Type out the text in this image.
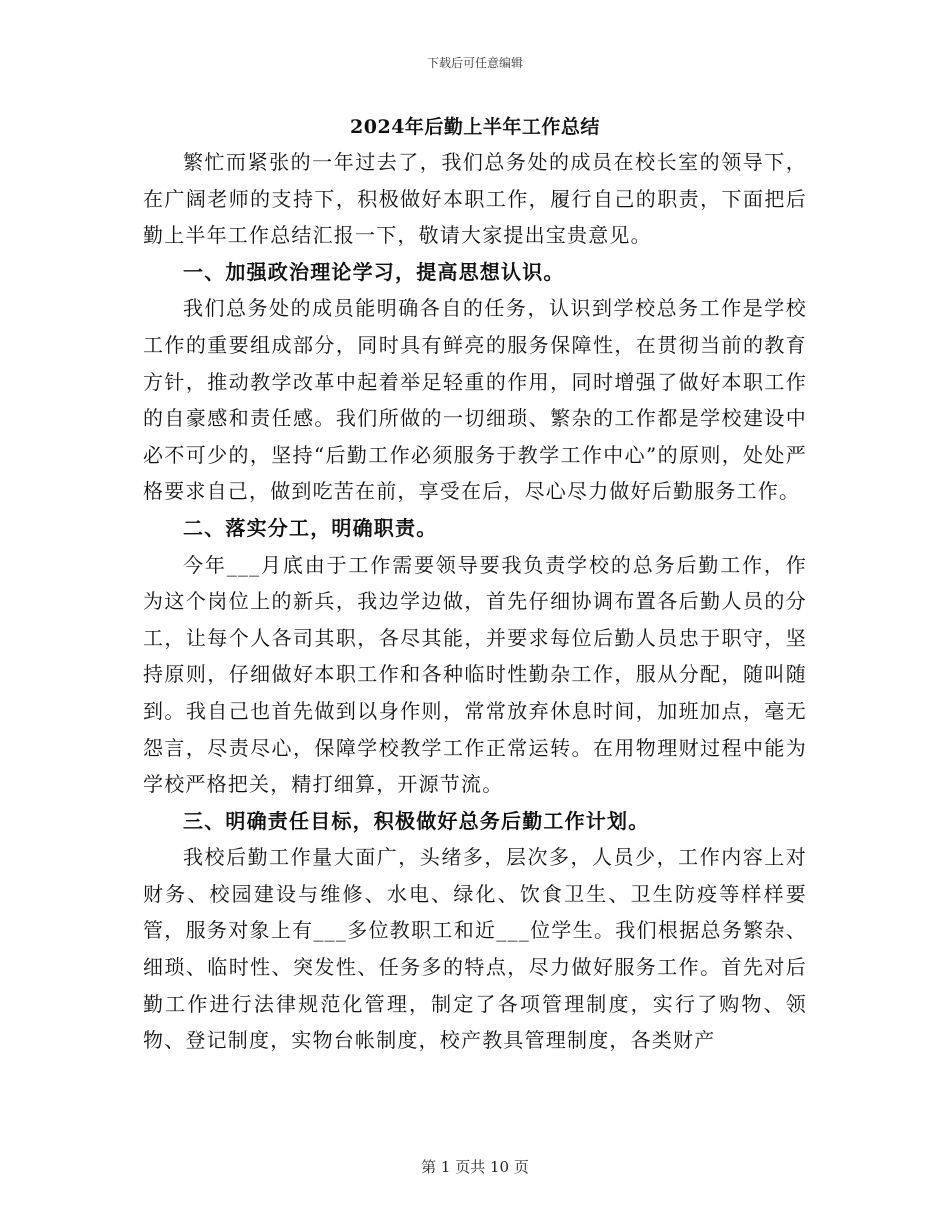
下载后可任意编辑
2024年后勤上半年工作总结

繁忙而紧张的一年过去了，我们总务处的成员在校长室的领导下，在广阔老师的支持下，积极做好本职工作，履行自己的职责，下面把后勤上半年工作总结汇报一下，敬请大家提出宝贵意见。

一、加强政治理论学习，提高思想认识。

我们总务处的成员能明确各自的任务，认识到学校总务工作是学校工作的重要组成部分，同时具有鲜亮的服务保障性，在贯彻当前的教育方针，推动教学改革中起着举足轻重的作用，同时增强了做好本职工作的自豪感和责任感。我们所做的一切细琐、繁杂的工作都是学校建设中必不可少的，坚持“后勤工作必须服务于教学工作中心”的原则，处处严格要求自己，做到吃苦在前，享受在后，尽心尽力做好后勤服务工作。

二、落实分工，明确职责。

今年___月底由于工作需要领导要我负责学校的总务后勤工作，作为这个岗位上的新兵，我边学边做，首先仔细协调布置各后勤人员的分工，让每个人各司其职，各尽其能，并要求每位后勤人员忠于职守，坚持原则，仔细做好本职工作和各种临时性勤杂工作，服从分配，随叫随到。我自己也首先做到以身作则，常常放弃休息时间，加班加点，毫无怨言，尽责尽心，保障学校教学工作正常运转。在用物理财过程中能为学校严格把关，精打细算，开源节流。

三、明确责任目标，积极做好总务后勤工作计划。

我校后勤工作量大面广，头绪多，层次多，人员少，工作内容上对财务、校园建设与维修、水电、绿化、饮食卫生、卫生防疫等样样要管，服务对象上有___多位教职工和近___位学生。我们根据总务繁杂、细琐、临时性、突发性、任务多的特点，尽力做好服务工作。首先对后勤工作进行法律规范化管理，制定了各项管理制度，实行了购物、领物、登记制度，实物台帐制度，校产教具管理制度，各类财产

第 1 页共 10 页
